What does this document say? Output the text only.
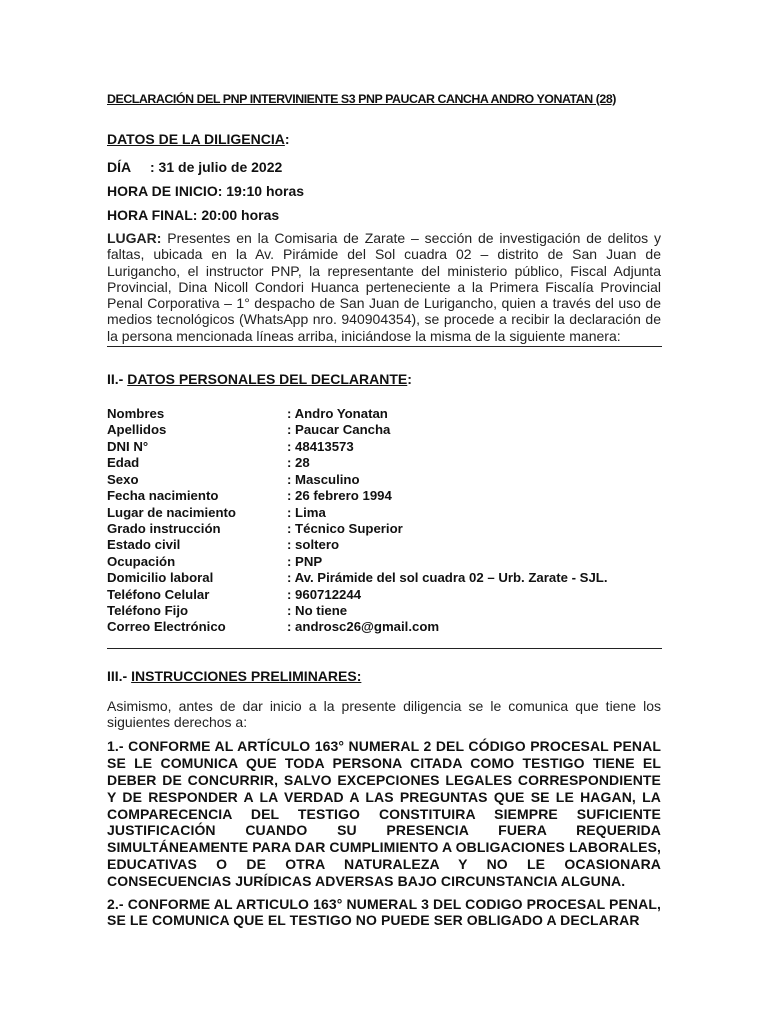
DECLARACIÓN DEL PNP INTERVINIENTE S3 PNP PAUCAR CANCHA ANDRO YONATAN (28)

DATOS DE LA DILIGENCIA:

DÍA : 31 de julio de 2022

HORA DE INICIO: 19:10 horas

HORA FINAL: 20:00 horas

LUGAR: Presentes en la Comisaria de Zarate – sección de investigación de delitos y faltas, ubicada en la Av. Pirámide del Sol cuadra 02 – distrito de San Juan de Lurigancho, el instructor PNP, la representante del ministerio público, Fiscal Adjunta Provincial, Dina Nicoll Condori Huanca perteneciente a la Primera Fiscalía Provincial Penal Corporativa – 1° despacho de San Juan de Lurigancho, quien a través del uso de medios tecnológicos (WhatsApp nro. 940904354), se procede a recibir la declaración de la persona mencionada líneas arriba, iniciándose la misma de la siguiente manera:

II.- DATOS PERSONALES DEL DECLARANTE:

Nombres	: Andro Yonatan
Apellidos	: Paucar Cancha
DNI N°	: 48413573
Edad	: 28
Sexo	: Masculino
Fecha nacimiento	: 26 febrero 1994
Lugar de nacimiento	: Lima
Grado instrucción	: Técnico Superior
Estado civil	: soltero
Ocupación	: PNP
Domicilio laboral	: Av. Pirámide del sol cuadra 02 – Urb. Zarate - SJL.
Teléfono Celular	: 960712244
Teléfono Fijo	: No tiene
Correo Electrónico	: androsc26@gmail.com

III.- INSTRUCCIONES PRELIMINARES:

Asimismo, antes de dar inicio a la presente diligencia se le comunica que tiene los siguientes derechos a:

1.- CONFORME AL ARTÍCULO 163° NUMERAL 2 DEL CÓDIGO PROCESAL PENAL SE LE COMUNICA QUE TODA PERSONA CITADA COMO TESTIGO TIENE EL DEBER DE CONCURRIR, SALVO EXCEPCIONES LEGALES CORRESPONDIENTE Y DE RESPONDER A LA VERDAD A LAS PREGUNTAS QUE SE LE HAGAN, LA COMPARECENCIA DEL TESTIGO CONSTITUIRA SIEMPRE SUFICIENTE JUSTIFICACIÓN CUANDO SU PRESENCIA FUERA REQUERIDA SIMULTÁNEAMENTE PARA DAR CUMPLIMIENTO A OBLIGACIONES LABORALES, EDUCATIVAS O DE OTRA NATURALEZA Y NO LE OCASIONARA CONSECUENCIAS JURÍDICAS ADVERSAS BAJO CIRCUNSTANCIA ALGUNA.

2.- CONFORME AL ARTICULO 163° NUMERAL 3 DEL CODIGO PROCESAL PENAL, SE LE COMUNICA QUE EL TESTIGO NO PUEDE SER OBLIGADO A DECLARAR
